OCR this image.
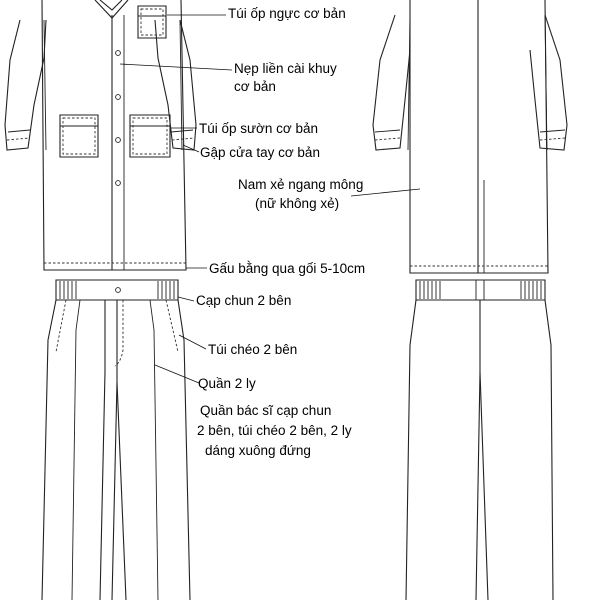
Túi ốp ngực cơ bản
Nẹp liền cài khuy
cơ bản
Túi ốp sườn cơ bản
Gập cửa tay cơ bản
Nam xẻ ngang mông
(nữ không xẻ)
Gấu bằng qua gối 5-10cm
Cạp chun 2 bên
Túi chéo 2 bên
Quần 2 ly
Quần bác sĩ cạp chun
2 bên, túi chéo 2 bên, 2 ly
dáng xuông đứng
